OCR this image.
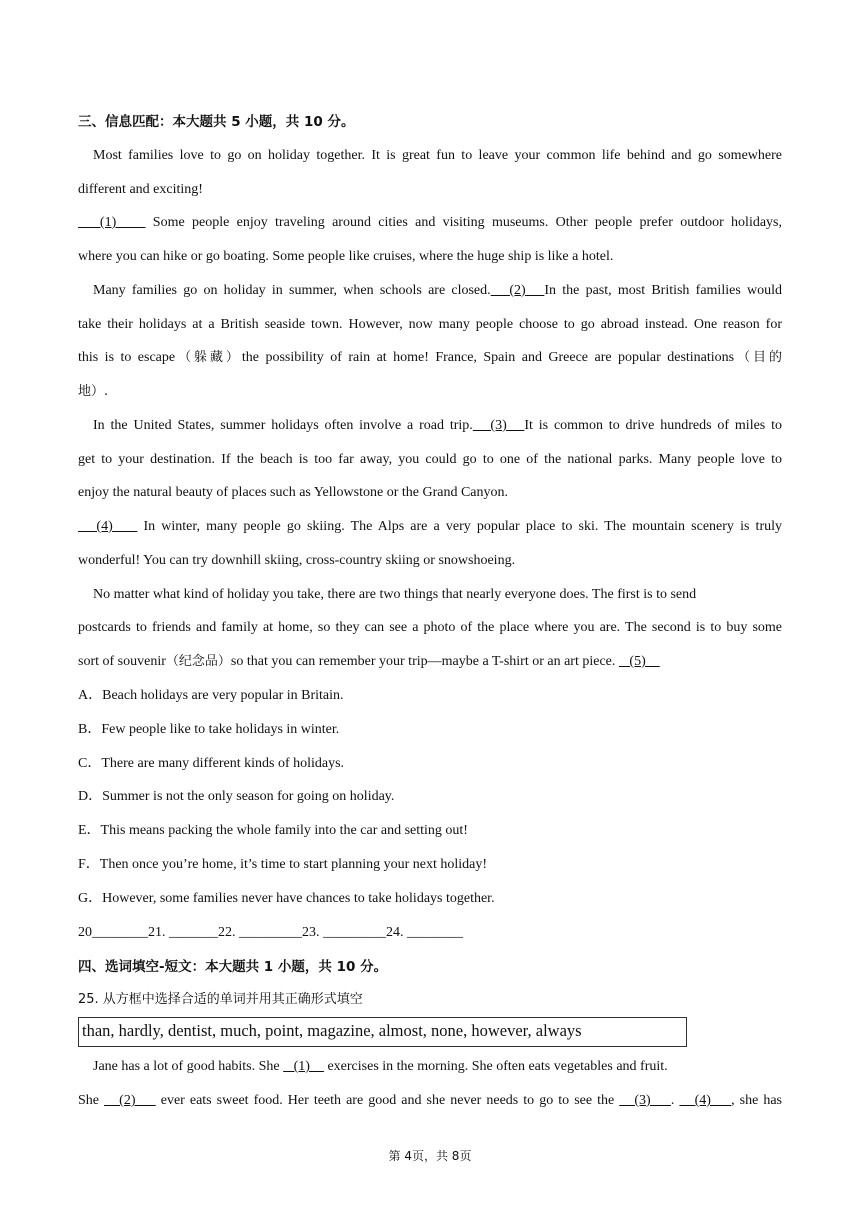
三、信息匹配：本大题共 5 小题，共 10 分。
Most families love to go on holiday together. It is great fun to leave your common life behind and go somewhere
different and exciting!
(1)     Some people enjoy traveling around cities and visiting museums. Other people prefer outdoor holidays,
where you can hike or go boating. Some people like cruises, where the huge ship is like a hotel.
Many families go on holiday in summer, when schools are closed.   (2)   In the past, most British families would
take their holidays at a British seaside town. However, now many people choose to go abroad instead. One reason for
this is to escape（躲藏）the possibility of rain at home! France, Spain and Greece are popular destinations（目的
地）.
In the United States, summer holidays often involve a road trip.   (3)   It is common to drive hundreds of miles to
get to your destination. If the beach is too far away, you could go to one of the national parks. Many people love to
enjoy the natural beauty of places such as Yellowstone or the Grand Canyon.
(4)     In winter, many people go skiing. The Alps are a very popular place to ski. The mountain scenery is truly
wonderful! You can try downhill skiing, cross-country skiing or snowshoeing.
No matter what kind of holiday you take, there are two things that nearly everyone does. The first is to send
postcards to friends and family at home, so they can see a photo of the place where you are. The second is to buy some
sort of souvenir（纪念品）so that you can remember your trip—maybe a T-shirt or an art piece.    (5)
A．Beach holidays are very popular in Britain.
B．Few people like to take holidays in winter.
C．There are many different kinds of holidays.
D．Summer is not the only season for going on holiday.
E．This means packing the whole family into the car and setting out!
F．Then once you’re home, it’s time to start planning your next holiday!
G．However, some families never have chances to take holidays together.
20________21. _______22. _________23. _________24. ________
四、选词填空-短文：本大题共 1 小题，共 10 分。
25. 从方框中选择合适的单词并用其正确形式填空
than, hardly, dentist, much, point, magazine, almost, none, however, always
Jane has a lot of good habits. She    (1)     exercises in the morning. She often eats vegetables and fruit.
She    (2)     ever eats sweet food. Her teeth are good and she never needs to go to see the    (3)    .    (4)    , she has
第 4页，共 8页
